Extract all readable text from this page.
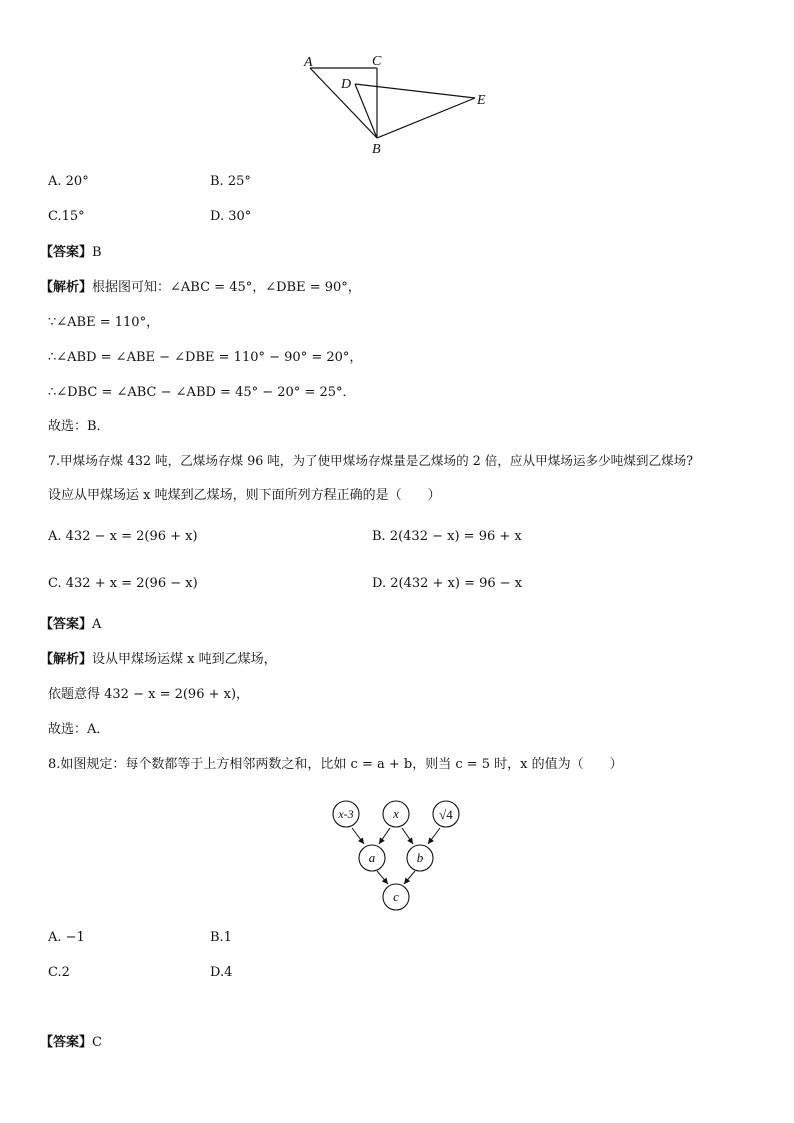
A	C
D
E
B
A. 20°	B. 25°
C.15°	D. 30°
【答案】B
【解析】根据图可知：∠ABC = 45°，∠DBE = 90°，
∵∠ABE = 110°，
∴∠ABD = ∠ABE − ∠DBE = 110° − 90° = 20°，
∴∠DBC = ∠ABC − ∠ABD = 45° − 20° = 25°．
故选：B．
7.甲煤场存煤 432 吨，乙煤场存煤 96 吨，为了使甲煤场存煤量是乙煤场的 2 倍，应从甲煤场运多少吨煤到乙煤场?
设应从甲煤场运 x 吨煤到乙煤场，则下面所列方程正确的是（　　）
A. 432 − x = 2(96 + x)	B. 2(432 − x) = 96 + x
C. 432 + x = 2(96 − x)	D. 2(432 + x) = 96 − x
【答案】A
【解析】设从甲煤场运煤 x 吨到乙煤场，
依题意得 432 − x = 2(96 + x)，
故选：A．
8.如图规定：每个数都等于上方相邻两数之和，比如 c = a + b，则当 c = 5 时，x 的值为（　　）
x-3	x	√4
a	b
c
A. −1	B.1
C.2	D.4
【答案】C
